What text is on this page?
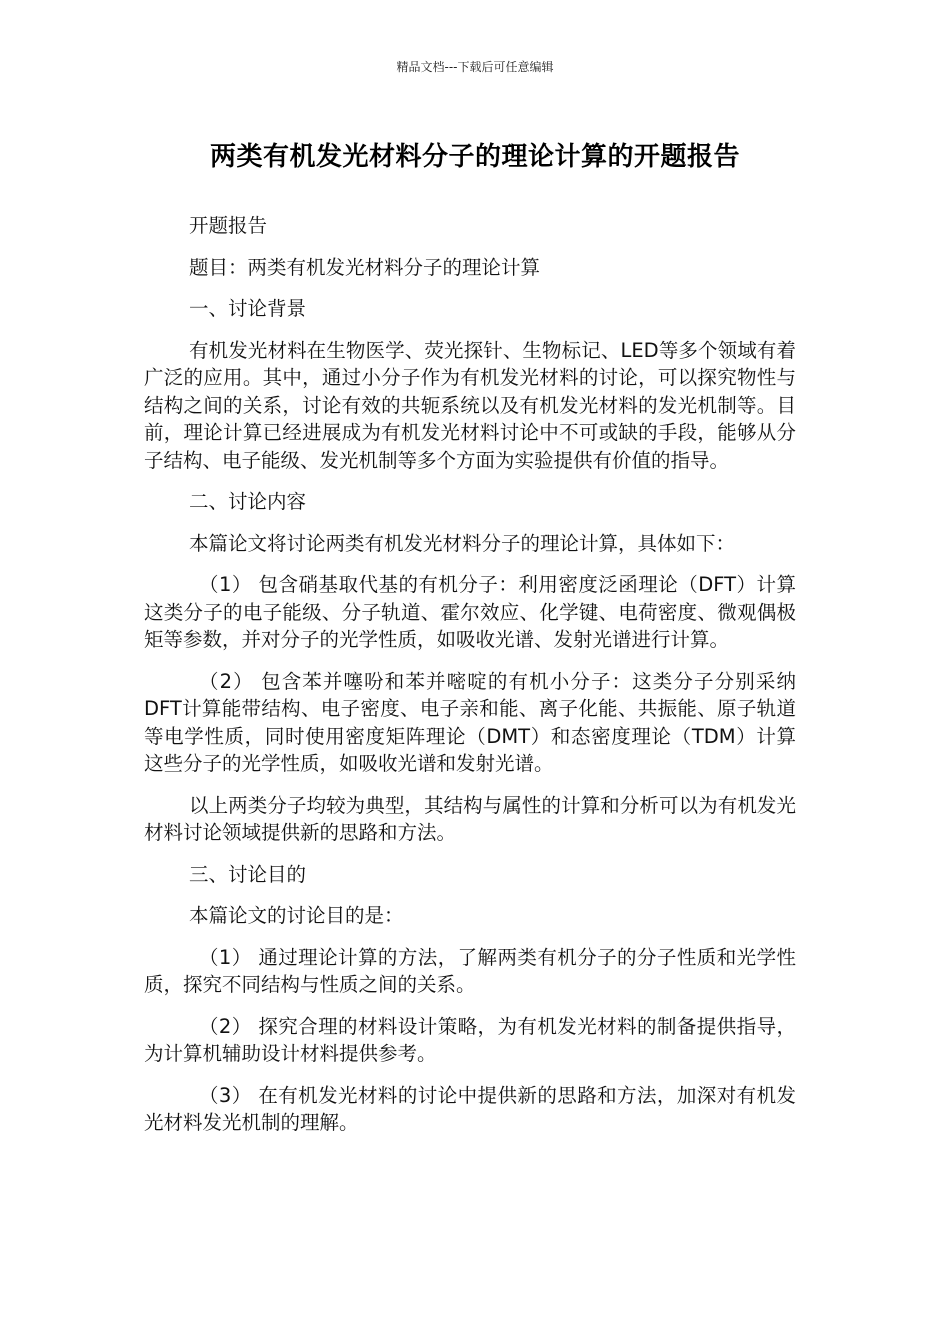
精品文档---下载后可任意编辑
两类有机发光材料分子的理论计算的开题报告

开题报告

题目：两类有机发光材料分子的理论计算

一、讨论背景

有机发光材料在生物医学、荧光探针、生物标记、LED等多个领域有着广泛的应用。其中，通过小分子作为有机发光材料的讨论，可以探究物性与结构之间的关系，讨论有效的共轭系统以及有机发光材料的发光机制等。目前，理论计算已经进展成为有机发光材料讨论中不可或缺的手段，能够从分子结构、电子能级、发光机制等多个方面为实验提供有价值的指导。

二、讨论内容

本篇论文将讨论两类有机发光材料分子的理论计算，具体如下：

（1） 包含硝基取代基的有机分子：利用密度泛函理论（DFT）计算这类分子的电子能级、分子轨道、霍尔效应、化学键、电荷密度、微观偶极矩等参数，并对分子的光学性质，如吸收光谱、发射光谱进行计算。

（2） 包含苯并噻吩和苯并嘧啶的有机小分子：这类分子分别采纳DFT计算能带结构、电子密度、电子亲和能、离子化能、共振能、原子轨道等电学性质，同时使用密度矩阵理论（DMT）和态密度理论（TDM）计算这些分子的光学性质，如吸收光谱和发射光谱。

以上两类分子均较为典型，其结构与属性的计算和分析可以为有机发光材料讨论领域提供新的思路和方法。

三、讨论目的

本篇论文的讨论目的是：

（1） 通过理论计算的方法，了解两类有机分子的分子性质和光学性质，探究不同结构与性质之间的关系。

（2） 探究合理的材料设计策略，为有机发光材料的制备提供指导，为计算机辅助设计材料提供参考。

（3） 在有机发光材料的讨论中提供新的思路和方法，加深对有机发光材料发光机制的理解。
